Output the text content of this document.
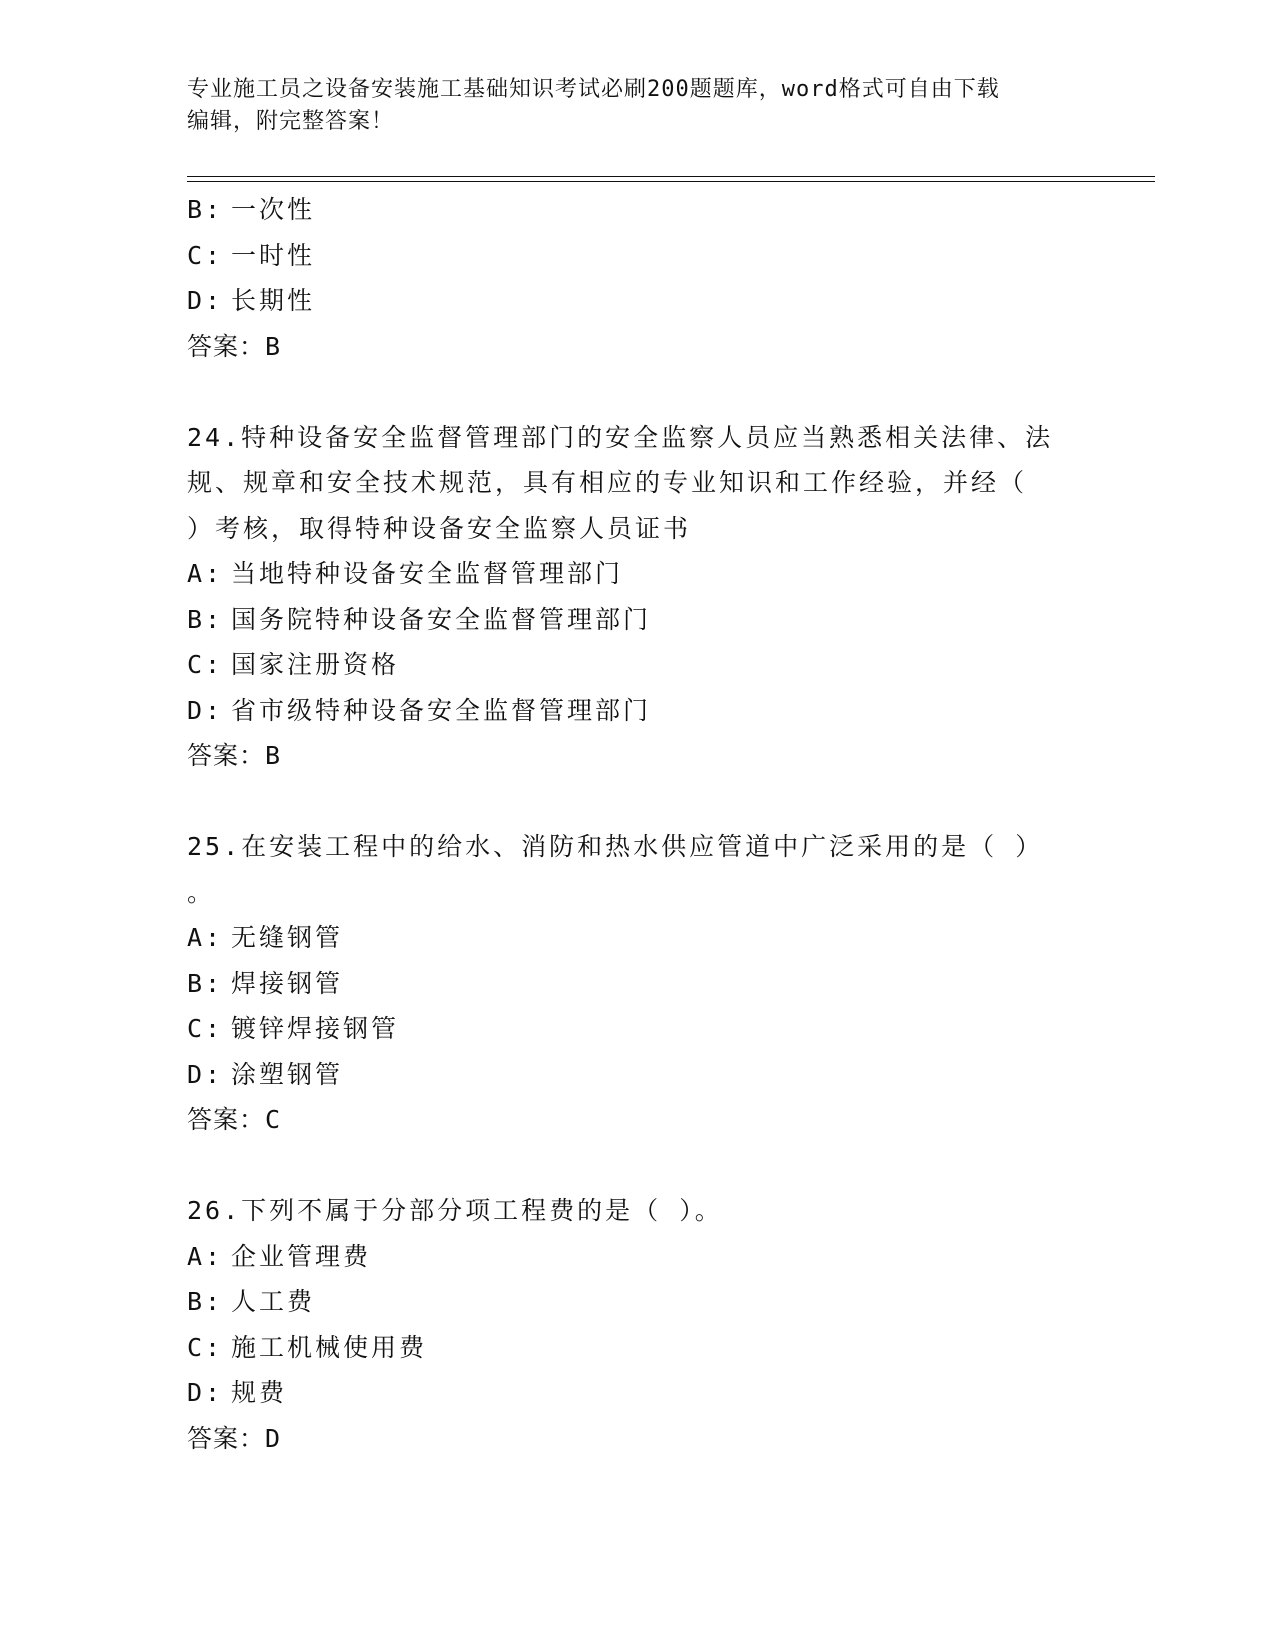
专业施工员之设备安装施工基础知识考试必刷200题题库，word格式可自由下载
编辑，附完整答案！
B: 一次性
C: 一时性
D: 长期性
答案：B
24.特种设备安全监督管理部门的安全监察人员应当熟悉相关法律、法
规、规章和安全技术规范，具有相应的专业知识和工作经验，并经（
）考核，取得特种设备安全监察人员证书
A: 当地特种设备安全监督管理部门
B: 国务院特种设备安全监督管理部门
C: 国家注册资格
D: 省市级特种设备安全监督管理部门
答案：B
25.在安装工程中的给水、消防和热水供应管道中广泛采用的是（ ）
。
A: 无缝钢管
B: 焊接钢管
C: 镀锌焊接钢管
D: 涂塑钢管
答案：C
26.下列不属于分部分项工程费的是（ ）。
A: 企业管理费
B: 人工费
C: 施工机械使用费
D: 规费
答案：D
